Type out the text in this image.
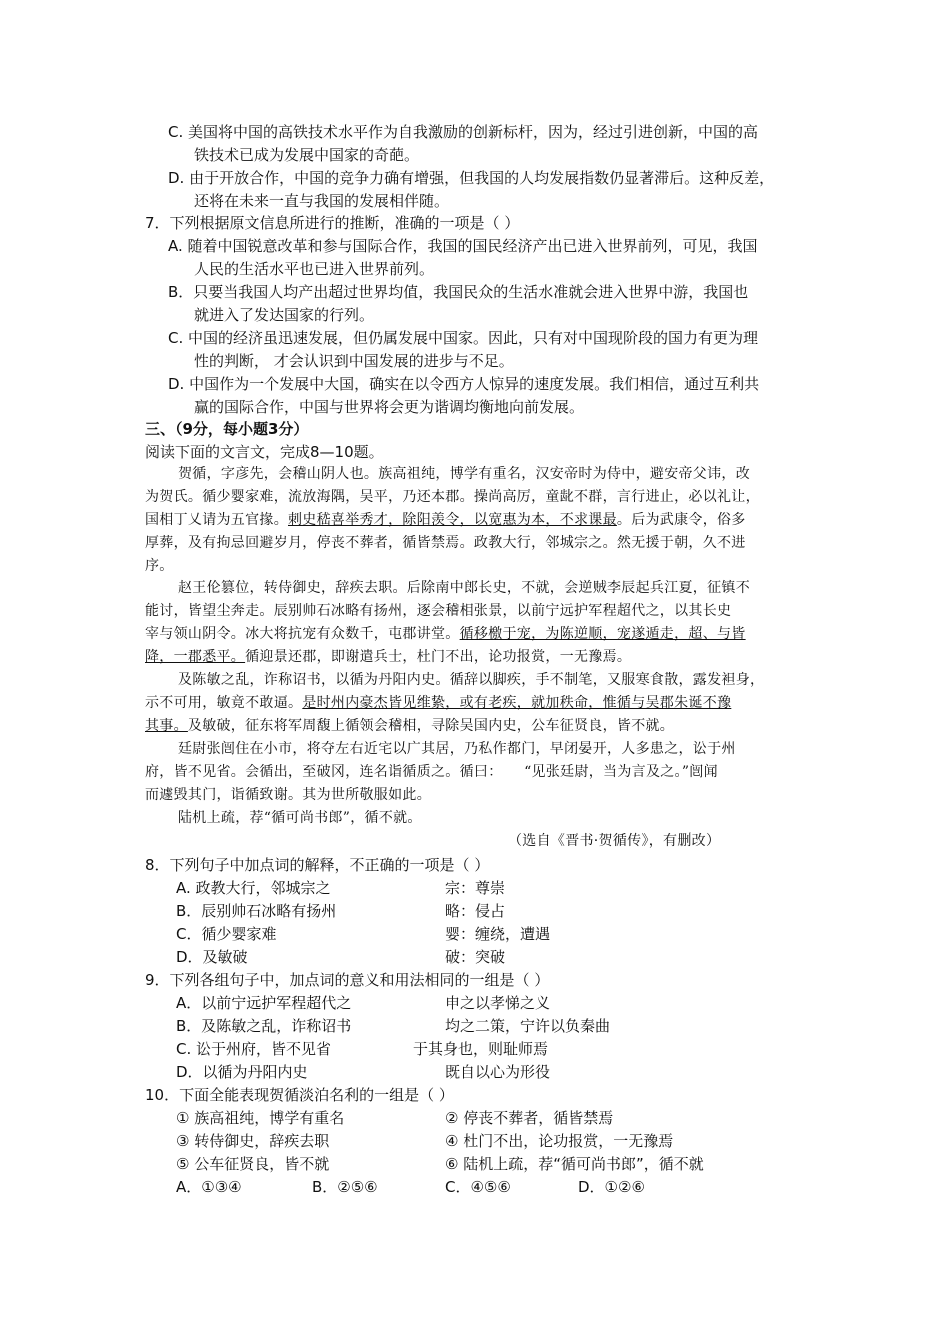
C. 美国将中国的高铁技术水平作为自我激励的创新标杆，因为，经过引进创新，中国的高
铁技术已成为发展中国家的奇葩。
D. 由于开放合作，中国的竞争力确有增强，但我国的人均发展指数仍显著滞后。这种反差，
还将在未来一直与我国的发展相伴随。
7．下列根据原文信息所进行的推断，准确的一项是（ ）
A. 随着中国锐意改革和参与国际合作，我国的国民经济产出已进入世界前列，可见，我国
人民的生活水平也已进入世界前列。
B．只要当我国人均产出超过世界均值，我国民众的生活水准就会进入世界中游，我国也
就进入了发达国家的行列。
C. 中国的经济虽迅速发展，但仍属发展中国家。因此，只有对中国现阶段的国力有更为理
性的判断， 才会认识到中国发展的进步与不足。
D. 中国作为一个发展中大国，确实在以令西方人惊异的速度发展。我们相信，通过互利共
赢的国际合作，中国与世界将会更为谐调均衡地向前发展。
三、（9分，每小题3分）
阅读下面的文言文，完成8—10题。
贺循，字彦先，会稽山阴人也。族高祖纯，博学有重名，汉安帝时为侍中，避安帝父讳，改
为贺氏。循少婴家难，流放海隅，吴平，乃还本郡。操尚高厉，童龀不群，言行进止，必以礼让，
国相丁乂请为五官掾。刺史嵇喜举秀才，除阳羡令，以宽惠为本，不求课最。后为武康令，俗多
厚葬，及有拘忌回避岁月，停丧不葬者，循皆禁焉。政教大行，邻城宗之。然无援于朝，久不进
序。
赵王伦篡位，转侍御史，辞疾去职。后除南中郎长史，不就，会逆贼李辰起兵江夏，征镇不
能讨，皆望尘奔走。辰别帅石冰略有扬州，逐会稽相张景，以前宁远护军程超代之，以其长史
宰与领山阴令。冰大将抗宠有众数千，屯郡讲堂。循移檄于宠，为陈逆顺，宠遂遁走，超、与皆
降，一郡悉平。循迎景还郡，即谢遣兵士，杜门不出，论功报赏，一无豫焉。
及陈敏之乱，诈称诏书，以循为丹阳内史。循辞以脚疾，手不制笔，又服寒食散，露发袒身，
示不可用，敏竟不敢逼。是时州内豪杰皆见维絷，或有老疾，就加秩命，惟循与吴郡朱诞不豫
其事。及敏破，征东将军周馥上循领会稽相，寻除吴国内史，公车征贤良，皆不就。
廷尉张闿住在小市，将夺左右近宅以广其居，乃私作都门，早闭晏开，人多患之，讼于州
府，皆不见省。会循出，至破冈，连名诣循质之。循曰：　　“见张廷尉，当为言及之。”闿闻
而遽毁其门，诣循致谢。其为世所敬服如此。
陆机上疏，荐“循可尚书郎”，循不就。
（选自《晋书·贺循传》，有删改）
8．下列句子中加点词的解释，不正确的一项是（ ）
A. 政教大行，邻城宗之	宗：尊崇
B．辰别帅石冰略有扬州	略：侵占
C．循少婴家难	婴：缠绕，遭遇
D．及敏破	破：突破
9．下列各组句子中，加点词的意义和用法相同的一组是（ ）
A．以前宁远护军程超代之	申之以孝悌之义
B．及陈敏之乱，诈称诏书	均之二策，宁许以负秦曲
C. 讼于州府，皆不见省	于其身也，则耻师焉
D．以循为丹阳内史	既自以心为形役
10．下面全能表现贺循淡泊名利的一组是（ ）
① 族高祖纯，博学有重名	② 停丧不葬者，循皆禁焉
③ 转侍御史，辞疾去职	④ 杜门不出，论功报赏，一无豫焉
⑤ 公车征贤良，皆不就	⑥ 陆机上疏，荐“循可尚书郎”，循不就
A．①③④	B．②⑤⑥	C．④⑤⑥	D．①②⑥
